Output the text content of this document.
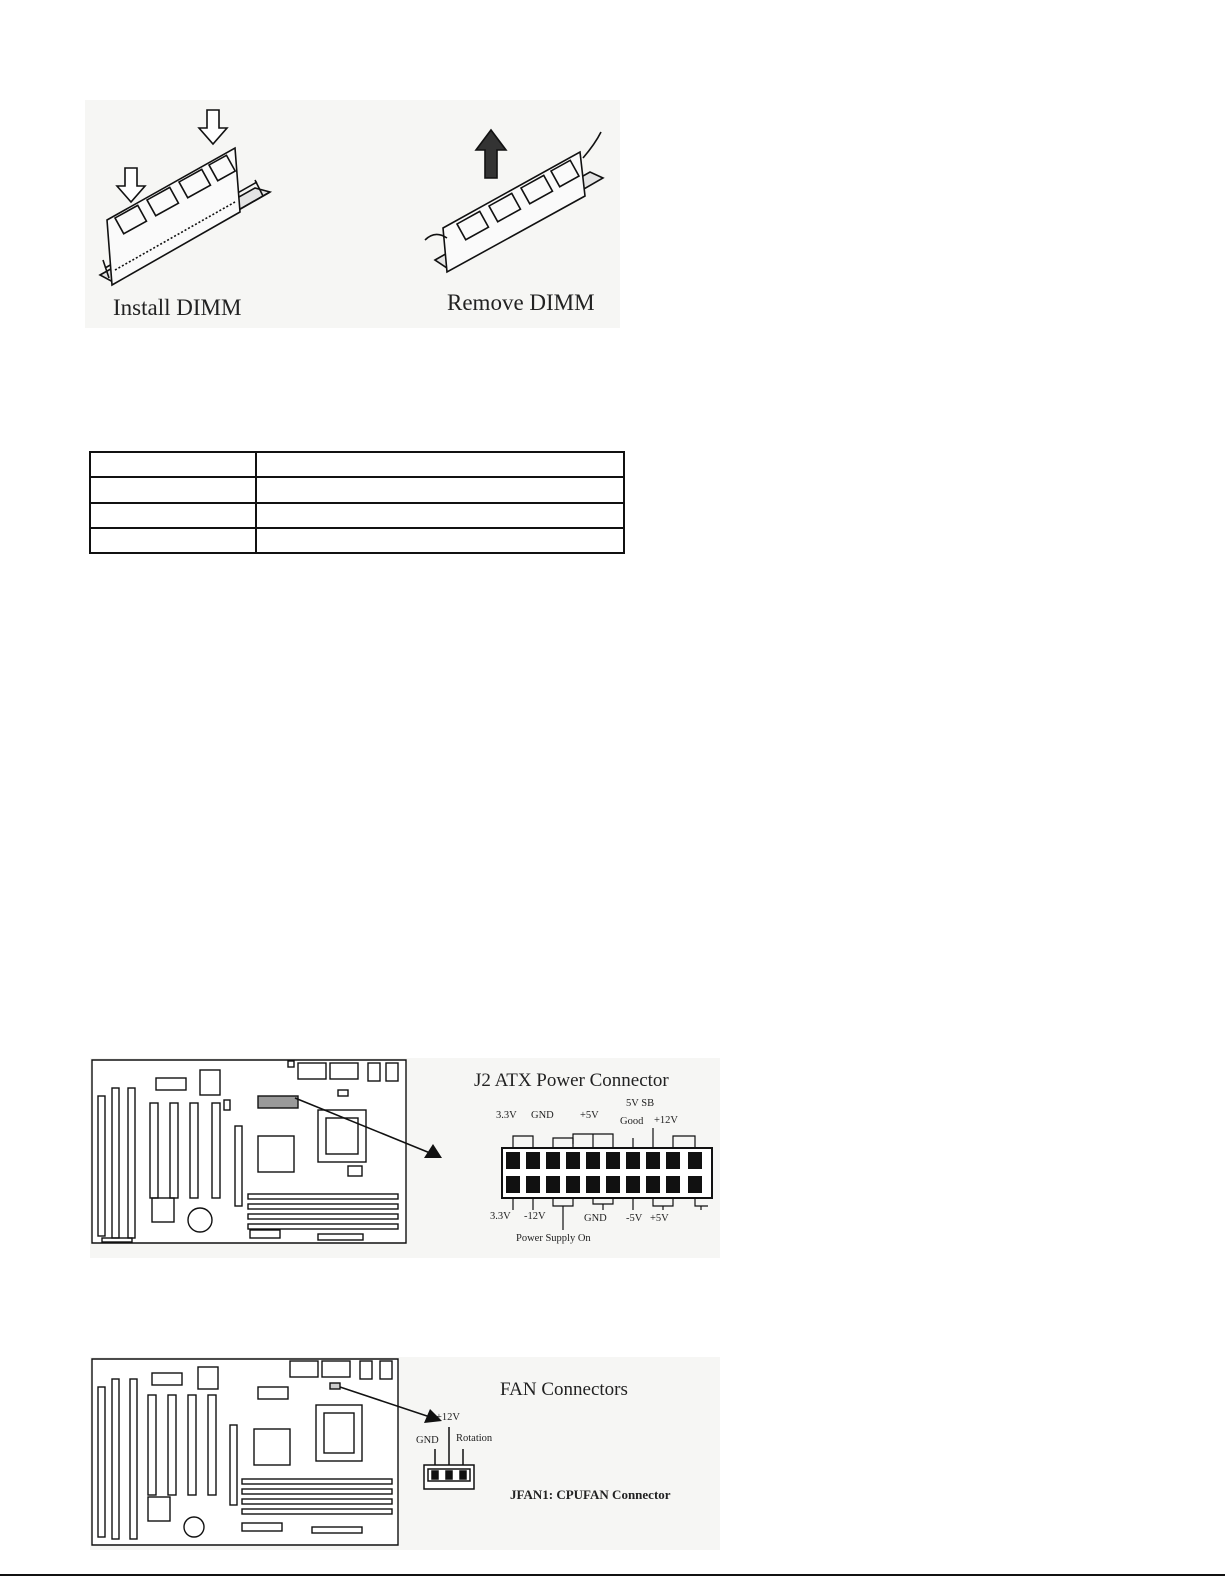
Install DIMM	Remove DIMM

J2 ATX Power Connector
3.3V GND	+5V
5V SB
Good +12V
3.3V -12V	GND -5V +5V
Power Supply On
FAN Connectors
+12V
GND Rotation
JFAN1: CPUFAN Connector
